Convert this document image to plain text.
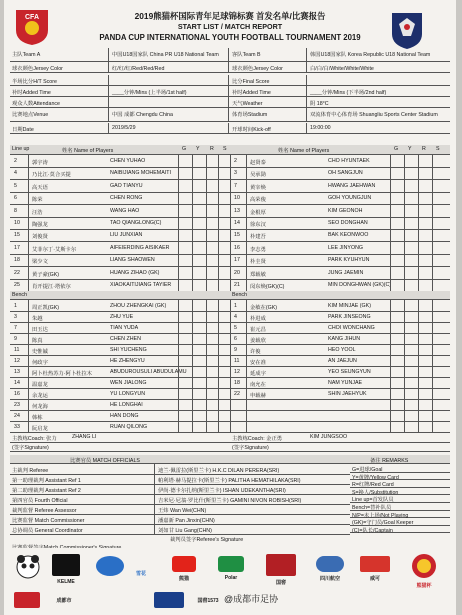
CFA	2019熊猫杯国际青年足球锦标赛 首发名单/比赛报告
START LIST / MATCH REPORT
PANDA CUP INTERNATIONAL YOUTH FOOTBALL TOURNAMENT 2019
主队Team A	中国U18国家队 China PR U18 National Team 客队Team B	韩国U18国家队 Korea Republic U18 National Team
球衣颜色Jersey Color	红/红/红/Red/Red/Red	球衣颜色Jersey Color	白/白/白/White/White/White
半场比分H/T Score	比分Final Score
补时Added Time	____分钟/Mins (上半场/1st half)	补时Added Time	____分钟/Mins (下半场/2nd half)
观众人数Attendance	天气Weather	阴 18°C
比赛地点Venue	中国 成都 Chengdu China	体育场Stadium	双流体育中心体育场 Shuangliu Sports Center Stadium
日期Date	2019/5/29	开球时间Kick-off	19:00:00
Line up	姓名 Name of Players	G Y R S	姓名 Name of Players	G Y R S
2	郭宇涛	CHEN YUHAO	2 赵贤泰	CHO HYUNTAEK
4	乃比江·莫合买提	NAIBIJIANG MOHEMAITI	3 吴承勋	OH SANGJUN
5	高天语	GAO TIANYU	7 黄宰焕	HWANG JAEHWAN
6	陈荣	CHEN RONG	10 高荣俊	GOH YOUNGJUN
8	汪浩	WANG HAO	13 金根厚	KIM GEONOH
10 陶强龙	TAO QIANGLONG(C)	14 徐东汉	SEO DONGHAN
15 刘俊贤	LIU JUNXIAN	15 朴建吾	BAK KEONWOO
17 艾菲尔丁·艾斯卡尔	AIFEIERDING AISIKAER	16 李志勇	LEE JINYONG
18 梁少文	LIANG SHAOWEN	17 朴圭贤	PARK KYUHYUN
22 黄子豪(GK)	HUANG ZIHAO (GK)	20 郑载敏	JUNG JAEMIN
25 肖开提江·塔依尔	XIAOKAITIJIANG TAYIER	21 闵东焕(GK)(C)	MIN DONGHWAN (GK)(C)
Bench	Bench
1	周正凯(GK)	ZHOU ZHENGKAI (GK)	1 金敏在(GK)	KIM MINJAE (GK)
3	朱越	ZHU YUE	4 朴进成	PARK JINSEONG
7	田玉达	TIAN YUDA	5 崔元昌	CHOI WONCHANG
9	陈真	CHEN ZHEN	6 姜载欣	KANG JIHUN
11 史惟铖	SHI YUCHENG	9 许俊	HEO YOOL
12 何政宇	HE ZHENGYU	11 安在准	AN JAEJUN
13 阿卜杜热苏力·阿卜杜拉木	ABUDUROUSULI ABUDULAMU	12 延成宇	YEO SEUNGYUN
14 温嘉龙	WEN JIALONG	18 南允在	NAM YUNJAE
16 余龙运	YU LONGYUN	22 申载赫	SHIN JAEHYUK
23 何龙海	HE LONGHAI
24 韩栋	HAN DONG
33 阮启龙	RUAN QILONG
主教练Coach: 张力	ZHANG LI	主教练Coach: 金正勇	KIM JUNGSOO
(签字Signature)	(签字Signature)
比赛官员 MATCH OFFICIALS	备注 REMARKS
主裁判 Referee	迪兰·佩雷拉(斯里兰卡) H.K.C DILAN PERERA(SRI)
第一助理裁判 Assistant Ref 1	帕利塔·赫马提拉卡(斯里兰卡) PALITHA HEMATHILAKA(SRI)
第二助理裁判 Assistant Ref 2	伊尚·德卡尔扎纳(斯里兰卡) ISHAN UDEKANTHA(SRI)
第四官员 Fourth Official	吉米尼·尼翁·罗比什(斯里兰卡) GAMINI NIVON ROBISH(SRI)
裁判监督 Referee Assessor	王炜 Wan Wei(CHN)
比赛监督 Match Commissioner	潘嘉新 Pan Jinxin(CHN)
总协调员 General Coordinator	刘如甘 Liu Gang(CHN)
G=进球/Goal
Y=黄牌/Yellow Card
R=红牌/Red Card
S=换人/Substitution
Line up=首发队员
Bench=替补队员
N/P=未上场/Not Playing
(GK)=守门员/Goal Keeper
(C)=队长/Captain
裁判员签字Referee's Signature
KELME
雪花
熊猫	Polar
国窖
四川航空	威可
熊猫杯
成都市	国窖1573 @成都市足协
